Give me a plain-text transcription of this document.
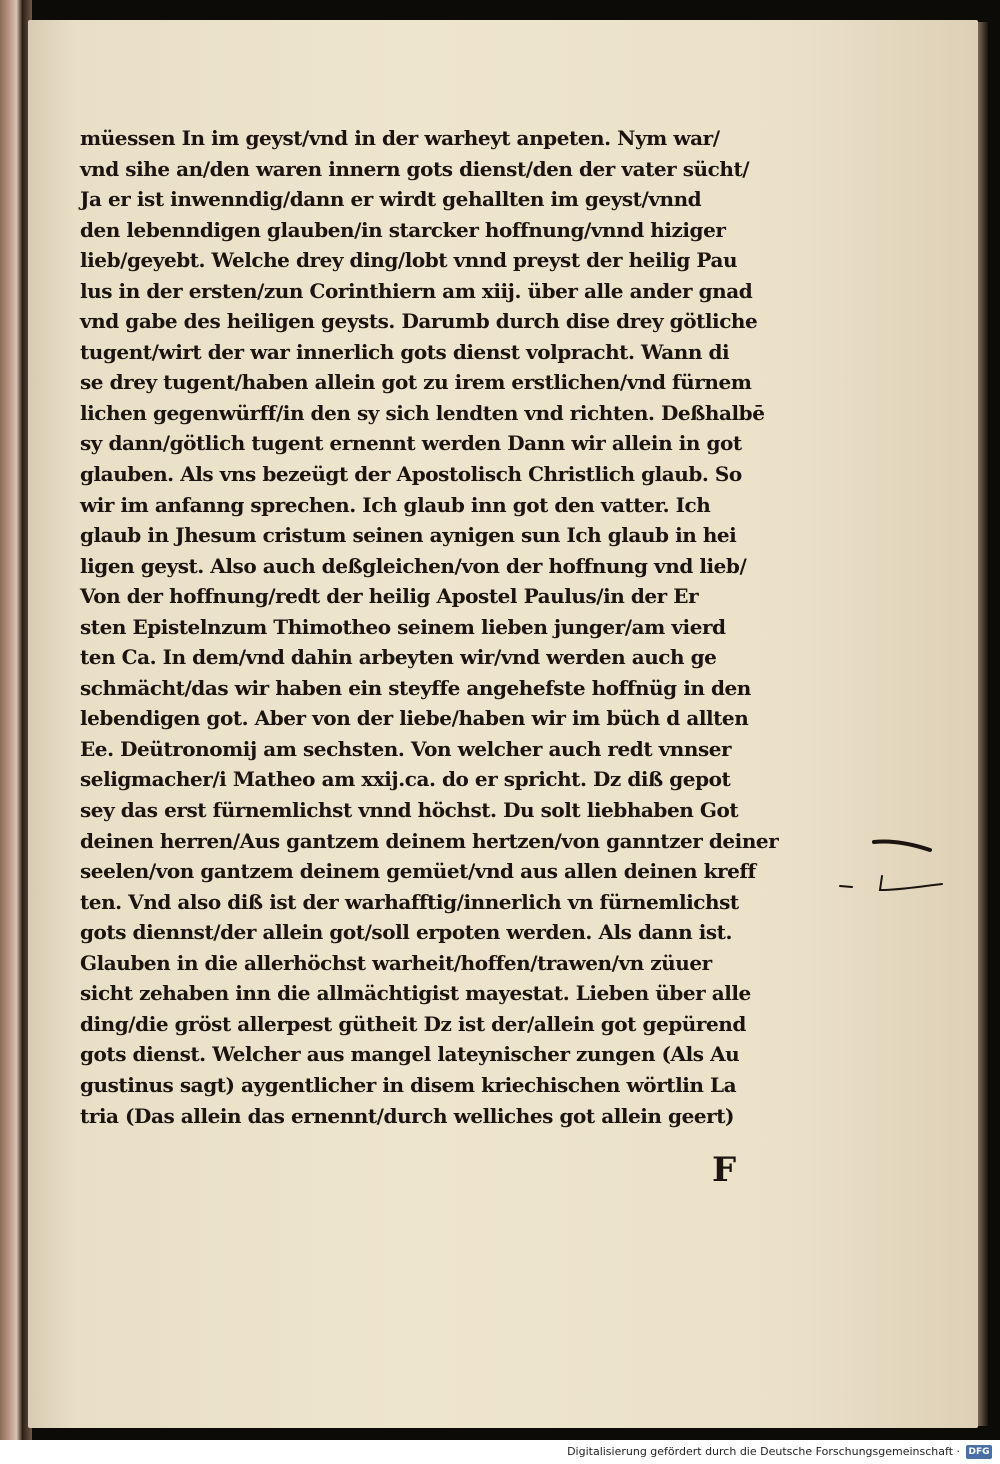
müessen In im geyst/vnd in der warheyt anpeten. Nym war/
vnd sihe an/den waren innern gots dienst/den der vater sücht/
Ja er ist inwenndig/dann er wirdt gehallten im geyst/vnnd
den lebenndigen glauben/in starcker hoffnung/vnnd hiziger
lieb/geyebt. Welche drey ding/lobt vnnd preyst der heilig Pau
lus in der ersten/zun Corinthiern am xiij. über alle ander gnad
vnd gabe des heiligen geysts. Darumb durch dise drey götliche
tugent/wirt der war innerlich gots dienst volpracht. Wann di
se drey tugent/haben allein got zu irem erstlichen/vnd fürnem
lichen gegenwürff/in den sy sich lendten vnd richten. Deßhalbē
sy dann/götlich tugent ernennt werden Dann wir allein in got
glauben. Als vns bezeügt der Apostolisch Christlich glaub. So
wir im anfanng sprechen. Ich glaub inn got den vatter. Ich
glaub in Jhesum cristum seinen aynigen sun Ich glaub in hei
ligen geyst. Also auch deßgleichen/von der hoffnung vnd lieb/
Von der hoffnung/redt der heilig Apostel Paulus/in der Er
sten Epistelnzum Thimotheo seinem lieben junger/am vierd
ten Ca. In dem/vnd dahin arbeyten wir/vnd werden auch ge
schmächt/das wir haben ein steyffe angehefste hoffnüg in den
lebendigen got. Aber von der liebe/haben wir im büch d allten
Ee. Deütronomij am sechsten. Von welcher auch redt vnnser
seligmacher/i Matheo am xxij.ca. do er spricht. Dz diß gepot
sey das erst fürnemlichst vnnd höchst. Du solt liebhaben Got
deinen herren/Aus gantzem deinem hertzen/von ganntzer deiner
seelen/von gantzem deinem gemüet/vnd aus allen deinen kreff
ten. Vnd also diß ist der warhafftig/innerlich vn fürnemlichst
gots diennst/der allein got/soll erpoten werden. Als dann ist.
Glauben in die allerhöchst warheit/hoffen/trawen/vn züuer
sicht zehaben inn die allmächtigist mayestat. Lieben über alle
ding/die gröst allerpest gütheit Dz ist der/allein got gepürend
gots dienst. Welcher aus mangel lateynischer zungen (Als Au
gustinus sagt) aygentlicher in disem kriechischen wörtlin La
tria (Das allein das ernennt/durch welliches got allein geert)
F
Digitalisierung gefördert durch die Deutsche Forschungsgemeinschaft · DFG
